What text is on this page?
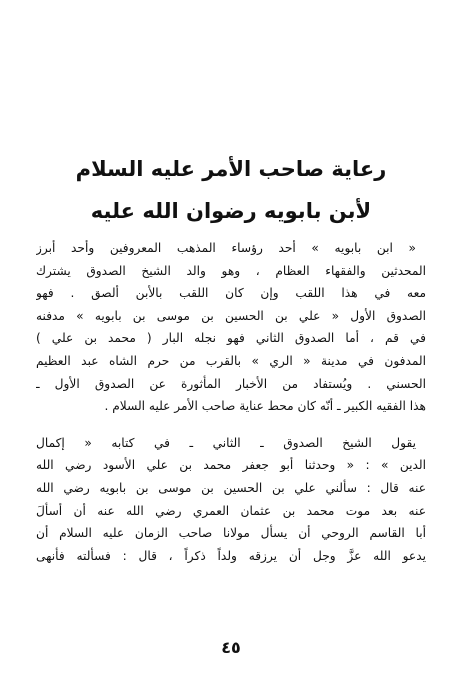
رعاية صاحب الأمر عليه السلام
لأبن بابويه رضوان الله عليه
« ابن بابويه » أحد رؤساء المذهب المعروفين وأحد أبرز
المحدثين والفقهاء العظام ، وهو والد الشيخ الصدوق يشترك
معه في هذا اللقب وإن كان اللقب بالأبن ألصق . فهو
الصدوق الأول « علي بن الحسين بن موسى بن بابويه » مدفنه
في قم ، أما الصدوق الثاني فهو نجله البار ( محمد بن علي )
المدفون في مدينة « الري » بالقرب من حرم الشاه عبد العظيم
الحسني . ويُستفاد من الأخبار المأثورة عن الصدوق الأول ـ
هذا الفقيه الكبير ـ أنّه كان محط عناية صاحب الأمر عليه السلام .
يقول الشيخ الصدوق ـ الثاني ـ في كتابه « إكمال
الدين » : « وحدثنا أبو جعفر محمد بن علي الأسود رضي الله
عنه قال : سألني علي بن الحسين بن موسى بن بابويه رضي الله
عنه بعد موت محمد بن عثمان العمري رضي الله عنه أن أسألَ
أبا القاسم الروحي أن يسأل مولانا صاحب الزمان عليه السلام أن
يدعو الله عزَّ وجل أن يرزقه ولداً ذكراً ، قال : فسألته فأنهى
٤٥
